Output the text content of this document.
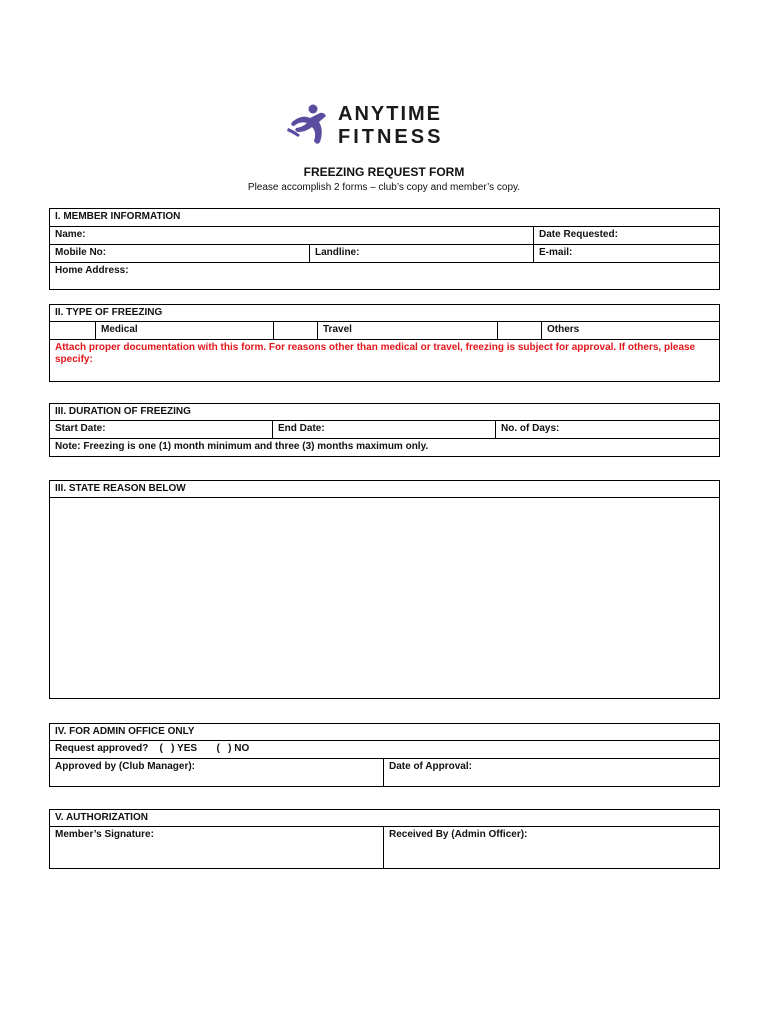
ANYTIME
FITNESS
FREEZING REQUEST FORM
Please accomplish 2 forms – club’s copy and member’s copy.
I. MEMBER INFORMATION		
Name:		Date Requested:
Mobile No:	Landline:	E-mail:
Home Address:		
II. TYPE OF FREEZING
	Medical		Travel		Others
Attach proper documentation with this form. For reasons other than medical or travel, freezing is subject for approval. If others, please specify:
III. DURATION OF FREEZING
Start Date:	End Date:	No. of Days:
Note: Freezing is one (1) month minimum and three (3) months maximum only.
III. STATE REASON BELOW

IV. FOR ADMIN OFFICE ONLY
Request approved?    (   ) YES       (   ) NO
Approved by (Club Manager):	Date of Approval:
V. AUTHORIZATION
Member’s Signature:	Received By (Admin Officer):
